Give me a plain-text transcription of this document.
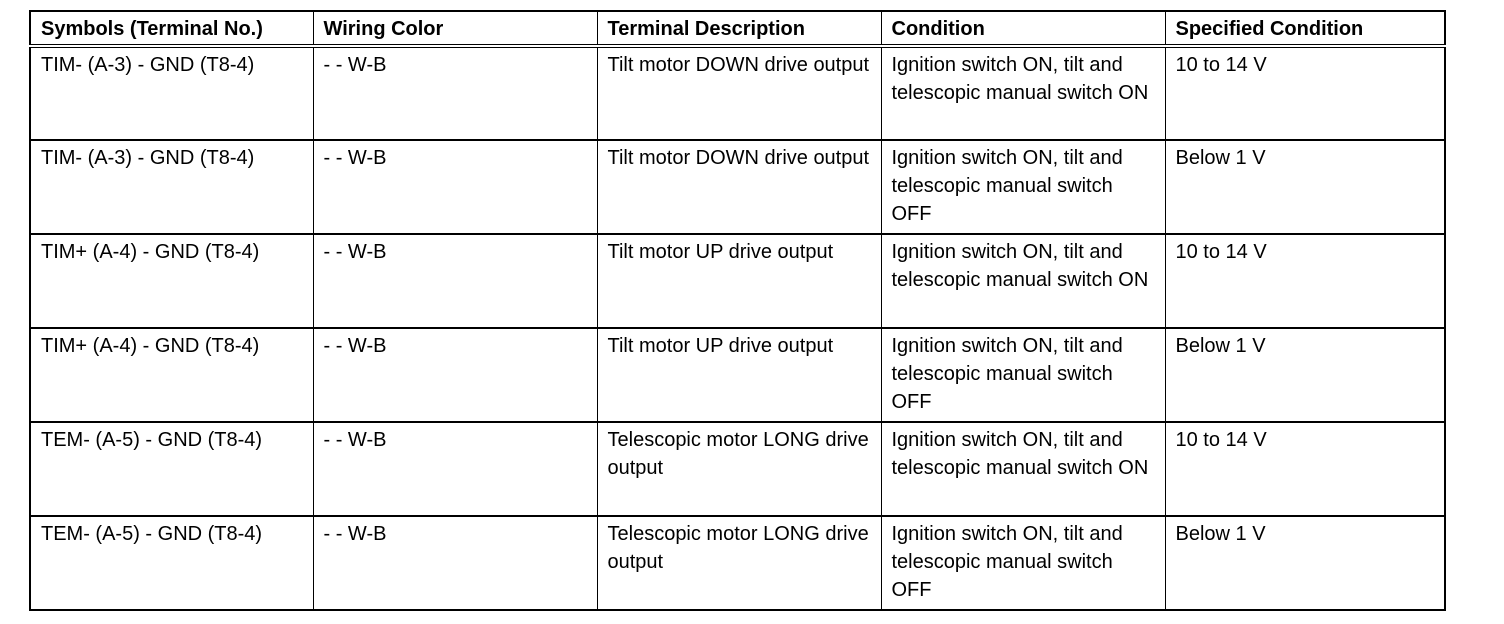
Symbols (Terminal No.)	Wiring Color	Terminal Description	Condition	Specified Condition
TIM- (A-3) - GND (T8-4)	- - W-B	Tilt motor DOWN drive output	Ignition switch ON, tilt and telescopic manual switch ON	10 to 14 V
TIM- (A-3) - GND (T8-4)	- - W-B	Tilt motor DOWN drive output	Ignition switch ON, tilt and telescopic manual switch OFF	Below 1 V
TIM+ (A-4) - GND (T8-4)	- - W-B	Tilt motor UP drive output	Ignition switch ON, tilt and telescopic manual switch ON	10 to 14 V
TIM+ (A-4) - GND (T8-4)	- - W-B	Tilt motor UP drive output	Ignition switch ON, tilt and telescopic manual switch OFF	Below 1 V
TEM- (A-5) - GND (T8-4)	- - W-B	Telescopic motor LONG drive output	Ignition switch ON, tilt and telescopic manual switch ON	10 to 14 V
TEM- (A-5) - GND (T8-4)	- - W-B	Telescopic motor LONG drive output	Ignition switch ON, tilt and telescopic manual switch OFF	Below 1 V
